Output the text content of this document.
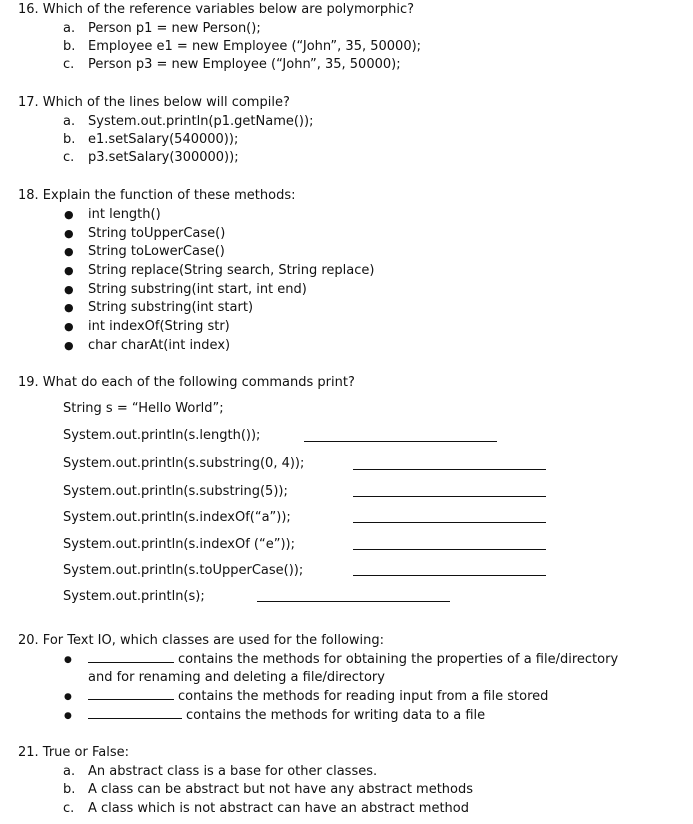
16. Which of the reference variables below are polymorphic?
a. Person p1 = new Person();
b. Employee e1 = new Employee (“John”, 35, 50000);
c. Person p3 = new Employee (“John”, 35, 50000);
17. Which of the lines below will compile?
a. System.out.println(p1.getName());
b. e1.setSalary(540000));
c. p3.setSalary(300000));
18. Explain the function of these methods:
● int length()
● String toUpperCase()
● String toLowerCase()
● String replace(String search, String replace)
● String substring(int start, int end)
● String substring(int start)
● int indexOf(String str)
● char charAt(int index)
19. What do each of the following commands print?
String s = “Hello World”;
System.out.println(s.length());
System.out.println(s.substring(0, 4));
System.out.println(s.substring(5));
System.out.println(s.indexOf(“a”));
System.out.println(s.indexOf (“e”));
System.out.println(s.toUpperCase());
System.out.println(s);
20. For Text IO, which classes are used for the following:
●	contains the methods for obtaining the properties of a file/directory
and for renaming and deleting a file/directory
●	contains the methods for reading input from a file stored
●	contains the methods for writing data to a file
21. True or False:
a. An abstract class is a base for other classes.
b. A class can be abstract but not have any abstract methods
c. A class which is not abstract can have an abstract method
